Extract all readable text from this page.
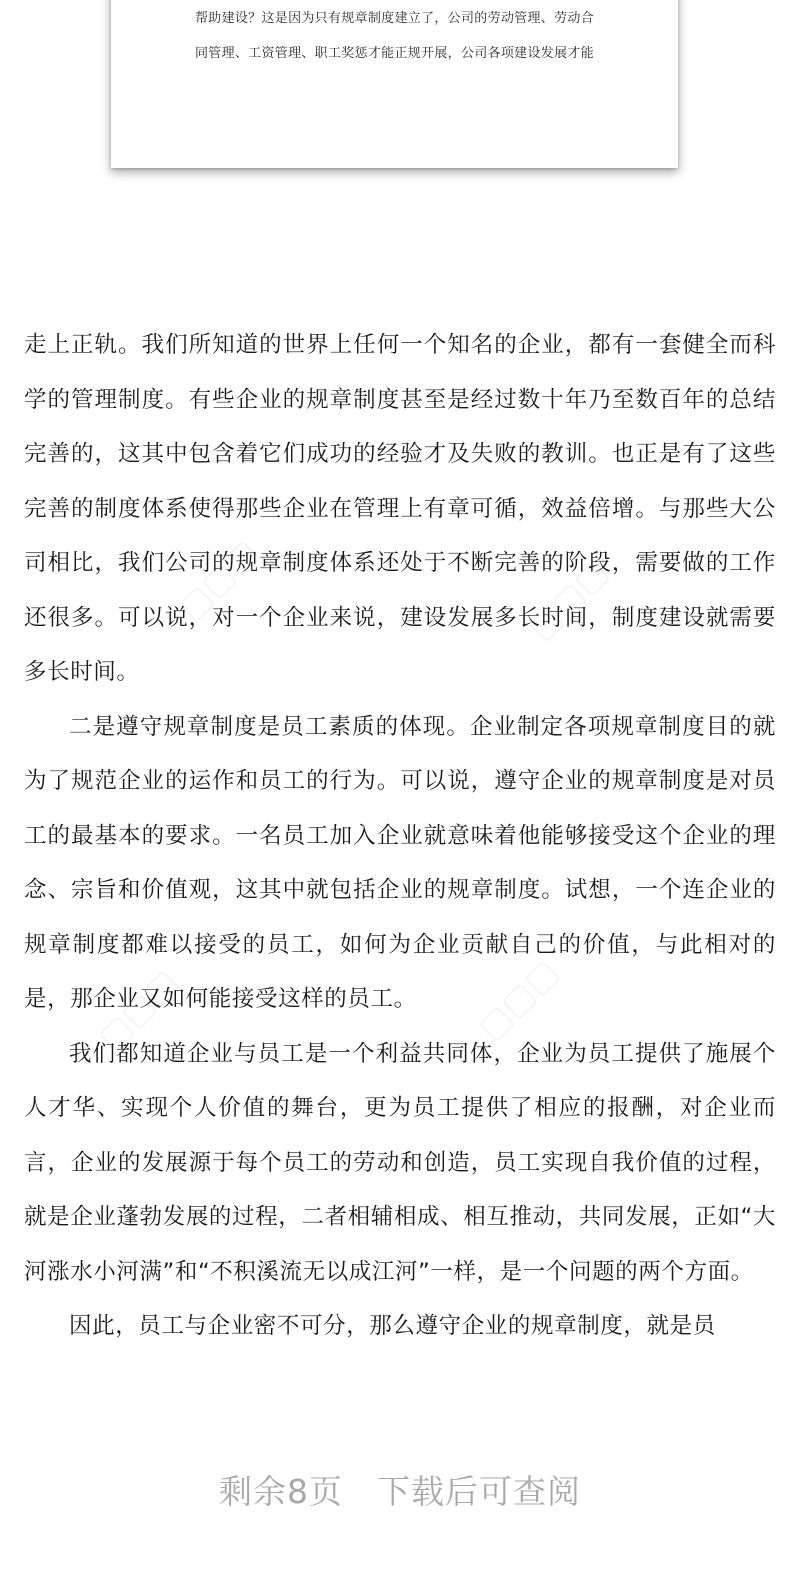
帮助建设？这是因为只有规章制度建立了，公司的劳动管理、劳动合
同管理、工资管理、职工奖惩才能正规开展，公司各项建设发展才能
▢▢▢	▢▢▢
▢▢▢	▢▢▢

走上正轨。我们所知道的世界上任何一个知名的企业，都有一套健全而科学的管理制度。有些企业的规章制度甚至是经过数十年乃至数百年的总结完善的，这其中包含着它们成功的经验才及失败的教训。也正是有了这些完善的制度体系使得那些企业在管理上有章可循，效益倍增。与那些大公司相比，我们公司的规章制度体系还处于不断完善的阶段，需要做的工作还很多。可以说，对一个企业来说，建设发展多长时间，制度建设就需要多长时间。

二是遵守规章制度是员工素质的体现。企业制定各项规章制度目的就为了规范企业的运作和员工的行为。可以说，遵守企业的规章制度是对员工的最基本的要求。一名员工加入企业就意味着他能够接受这个企业的理念、宗旨和价值观，这其中就包括企业的规章制度。试想，一个连企业的规章制度都难以接受的员工，如何为企业贡献自己的价值，与此相对的是，那企业又如何能接受这样的员工。

我们都知道企业与员工是一个利益共同体，企业为员工提供了施展个人才华、实现个人价值的舞台，更为员工提供了相应的报酬，对企业而言，企业的发展源于每个员工的劳动和创造，员工实现自我价值的过程，就是企业蓬勃发展的过程，二者相辅相成、相互推动，共同发展，正如“大河涨水小河满”和“不积溪流无以成江河”一样，是一个问题的两个方面。

因此，员工与企业密不可分，那么遵守企业的规章制度，就是员

剩余8页 下载后可查阅
